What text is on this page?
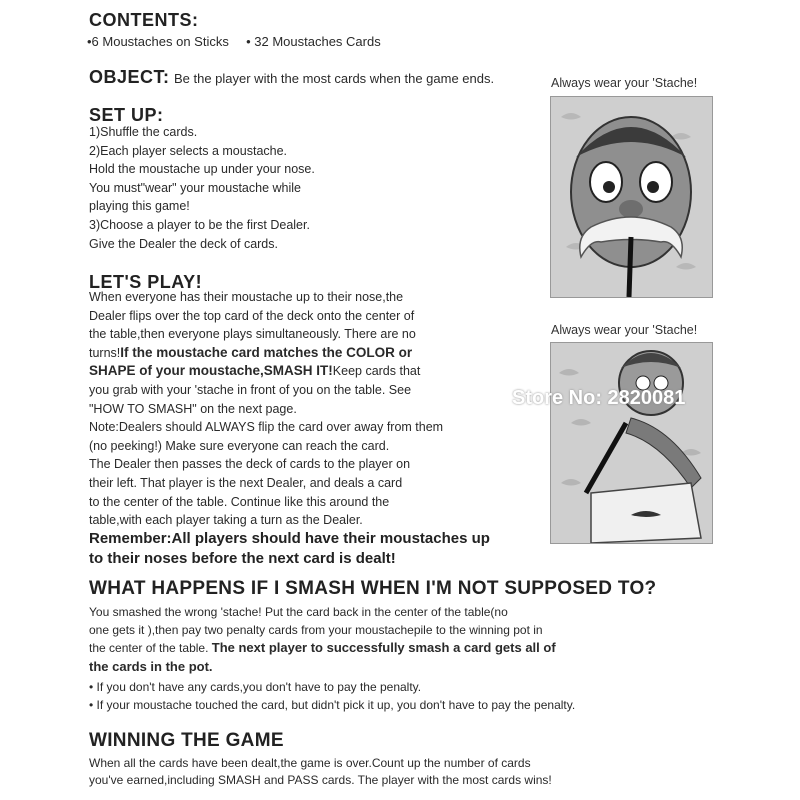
CONTENTS:
•6 Moustaches on Sticks • 32 Moustaches Cards
OBJECT: Be the player with the most cards when the game ends.
SET UP:
1)Shuffle the cards.
2)Each player selects a moustache.
Hold the moustache up under your nose.
You must"wear" your moustache while
playing this game!
3)Choose a player to be the first Dealer.
Give the Dealer the deck of cards.
LET'S PLAY!
When everyone has their moustache up to their nose,the
Dealer flips over the top card of the deck onto the center of
the table,then everyone plays simultaneously. There are no
turns!If the moustache card matches the COLOR or
SHAPE of your moustache,SMASH IT!Keep cards that
you grab with your 'stache in front of you on the table. See
"HOW TO SMASH" on the next page.
Note:Dealers should ALWAYS flip the card over away from them
(no peeking!) Make sure everyone can reach the card.
The Dealer then passes the deck of cards to the player on
their left. That player is the next Dealer, and deals a card
to the center of the table. Continue like this around the
table,with each player taking a turn as the Dealer.
Remember:All players should have their moustaches up
to their noses before the next card is dealt!
WHAT HAPPENS IF I SMASH WHEN I'M NOT SUPPOSED TO?
You smashed the wrong 'stache! Put the card back in the center of the table(no
one gets it ),then pay two penalty cards from your moustachepile to the winning pot in
the center of the table. The next player to successfully smash a card gets all of
the cards in the pot.
• If you don't have any cards,you don't have to pay the penalty.
• If your moustache touched the card, but didn't pick it up, you don't have to pay the penalty.
WINNING THE GAME
When all the cards have been dealt,the game is over.Count up the number of cards
you've earned,including SMASH and PASS cards. The player with the most cards wins!
Always wear your 'Stache!
Always wear your 'Stache!
Store No: 2820081
